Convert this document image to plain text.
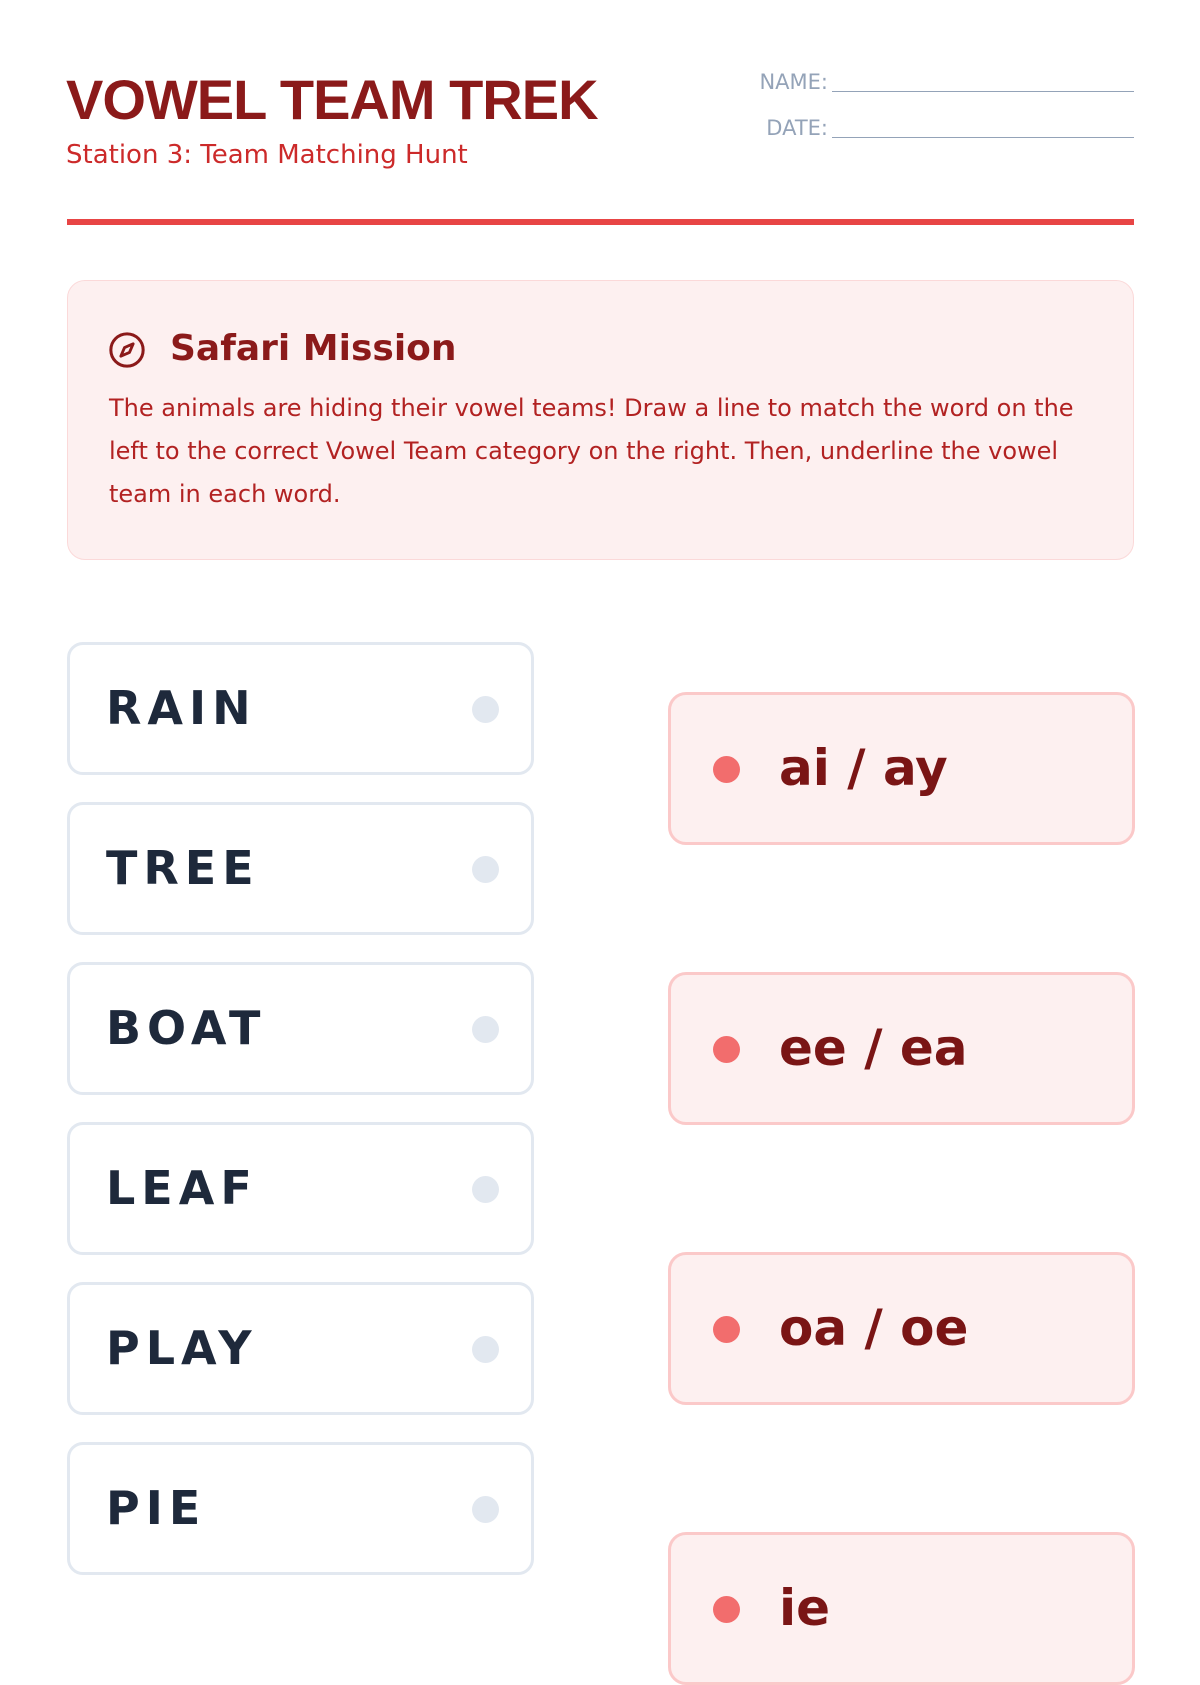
VOWEL TEAM TREK
Station 3: Team Matching Hunt
NAME:
DATE:
Safari Mission

The animals are hiding their vowel teams! Draw a line to match the word on the left to the correct Vowel Team category on the right. Then, underline the vowel team in each word.

RAIN
TREE
BOAT
LEAF
PLAY
PIE
ai / ay
ee / ea
oa / oe
ie
